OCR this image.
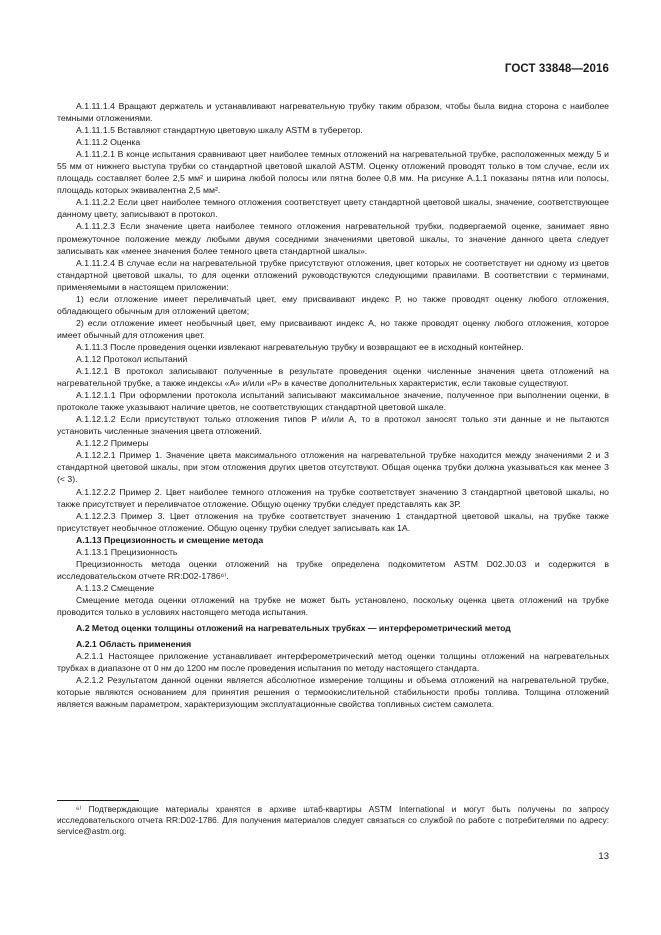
ГОСТ 33848—2016

А.1.11.1.4 Вращают держатель и устанавливают нагревательную трубку таким образом, чтобы была видна сторона с наиболее темными отложениями.

А.1.11.1.5 Вставляют стандартную цветовую шкалу ASTM в туберетор.

А.1.11.2 Оценка

А.1.11.2.1 В конце испытания сравнивают цвет наиболее темных отложений на нагревательной трубке, расположенных между 5 и 55 мм от нижнего выступа трубки со стандартной цветовой шкалой ASTM. Оценку отложений проводят только в том случае, если их площадь составляет более 2,5 мм² и ширина любой полосы или пятна более 0,8 мм. На рисунке А.1.1 показаны пятна или полосы, площадь которых эквивалентна 2,5 мм².

А.1.11.2.2 Если цвет наиболее темного отложения соответствует цвету стандартной цветовой шкалы, значение, соответствующее данному цвету, записывают в протокол.

А.1.11.2.3 Если значение цвета наиболее темного отложения нагревательной трубки, подвергаемой оценке, занимает явно промежуточное положение между любыми двумя соседними значениями цветовой шкалы, то значение данного цвета следует записывать как «менее значения более темного цвета стандартной шкалы».

А.1.11.2.4 В случае если на нагревательной трубке присутствуют отложения, цвет которых не соответствует ни одному из цветов стандартной цветовой шкалы, то для оценки отложений руководствуются следующими правилами. В соответствии с терминами, применяемыми в настоящем приложении:

1) если отложение имеет переливчатый цвет, ему присваивают индекс Р, но также проводят оценку любого отложения, обладающего обычным для отложений цветом;

2) если отложение имеет необычный цвет, ему присваивают индекс А, но также проводят оценку любого отложения, которое имеет обычный для отложения цвет.

А.1.11.3 После проведения оценки извлекают нагревательную трубку и возвращают ее в исходный контейнер.

А.1.12 Протокол испытаний

А.1.12.1 В протокол записывают полученные в результате проведения оценки численные значения цвета отложений на нагревательной трубке, а также индексы «А» и/или «Р» в качестве дополнительных характеристик, если таковые существуют.

А.1.12.1.1 При оформлении протокола испытаний записывают максимальное значение, полученное при выполнении оценки, в протоколе также указывают наличие цветов, не соответствующих стандартной цветовой шкале.

А.1.12.1.2 Если присутствуют только отложения типов Р и/или А, то в протокол заносят только эти данные и не пытаются установить численные значения цвета отложений.

А.1.12.2 Примеры

А.1.12.2.1 Пример 1. Значение цвета максимального отложения на нагревательной трубке находится между значениями 2 и 3 стандартной цветовой шкалы, при этом отложения других цветов отсутствуют. Общая оценка трубки должна указываться как менее 3 (< 3).

А.1.12.2.2 Пример 2. Цвет наиболее темного отложения на трубке соответствует значению 3 стандартной цветовой шкалы, но также присутствует и переливчатое отложение. Общую оценку трубки следует представлять как 3Р.

А.1.12.2.3 Пример 3. Цвет отложения на трубке соответствует значению 1 стандартной цветовой шкалы, на трубке также присутствует необычное отложение. Общую оценку трубки следует записывать как 1А.

А.1.13 Прецизионность и смещение метода

А.1.13.1 Прецизионность

Прецизионность метода оценки отложений на трубке определена подкомитетом ASTM D02.J0.03 и содержится в исследовательском отчете RR:D02-1786⁶⁾.

А.1.13.2 Смещение

Смещение метода оценки отложений на трубке не может быть установлено, поскольку оценка цвета отложений на трубке проводится только в условиях настоящего метода испытания.

А.2 Метод оценки толщины отложений на нагревательных трубках — интерферометрический метод

А.2.1 Область применения

А.2.1.1 Настоящее приложение устанавливает интерферометрический метод оценки толщины отложений на нагревательных трубках в диапазоне от 0 нм до 1200 нм после проведения испытания по методу настоящего стандарта.

А.2.1.2 Результатом данной оценки является абсолютное измерение толщины и объема отложений на нагревательной трубке, которые являются основанием для принятия решения о термоокислительной стабильности пробы топлива. Толщина отложений является важным параметром, характеризующим эксплуатационные свойства топливных систем самолета.

⁶⁾ Подтверждающие материалы хранятся в архиве штаб-квартиры ASTM International и могут быть получены по запросу исследовательского отчета RR:D02-1786. Для получения материалов следует связаться со службой по работе с потребителями по адресу: service@astm.org.
13
